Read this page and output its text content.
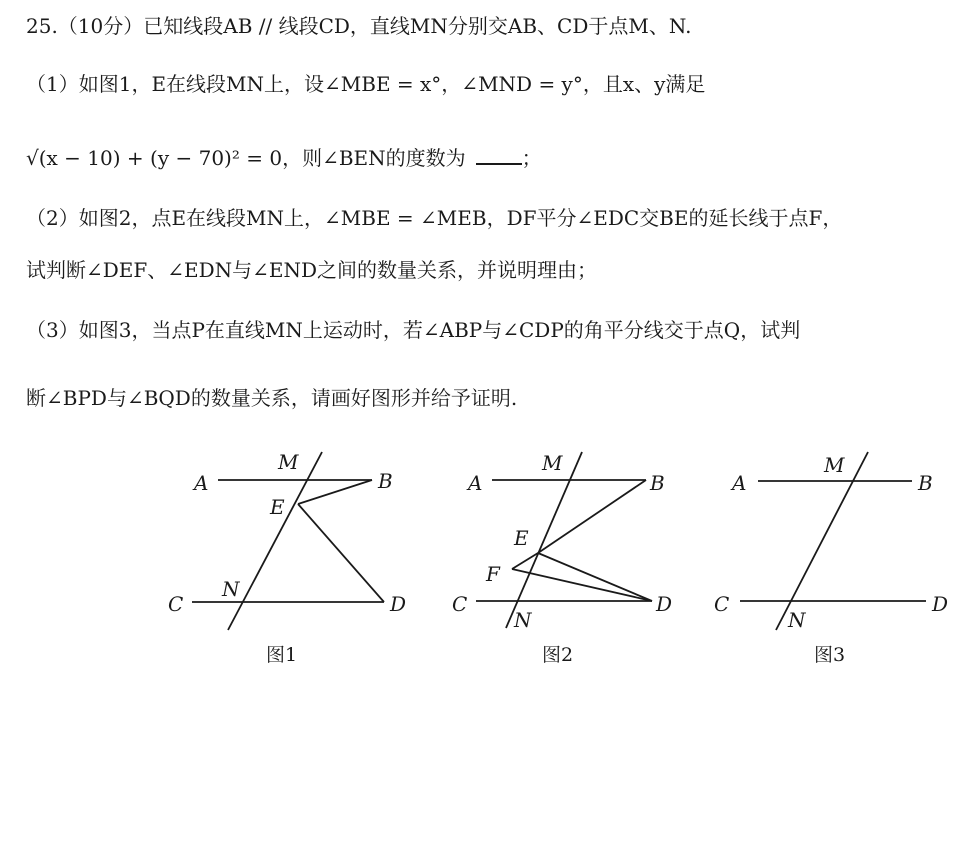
25.（10分）已知线段AB // 线段CD，直线MN分别交AB、CD于点M、N.
（1）如图1，E在线段MN上，设∠MBE = x°，∠MND = y°，且x、y满足
√(x − 10) + (y − 70)² = 0，则∠BEN的度数为	；
（2）如图2，点E在线段MN上，∠MBE = ∠MEB，DF平分∠EDC交BE的延长线于点F，
试判断∠DEF、∠EDN与∠END之间的数量关系，并说明理由；
（3）如图3，当点P在直线MN上运动时，若∠ABP与∠CDP的角平分线交于点Q，试判
断∠BPD与∠BQD的数量关系，请画好图形并给予证明.
A	B
M
E
N
C	D
图1
A	B
M
E
F
N
C	D
图2
A	B
M
N
C	D
图3
